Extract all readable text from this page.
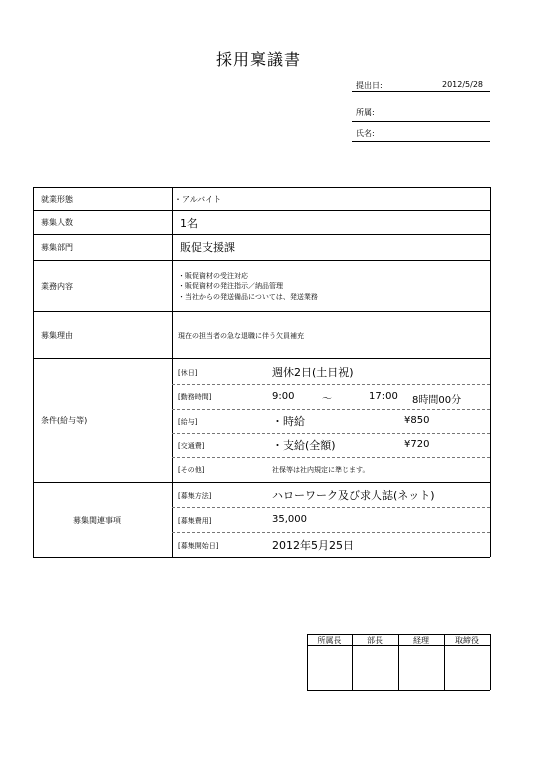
採用稟議書
提出日:	2012/5/28
所属:
氏名:
就業形態	・アルバイト
募集人数	1名
募集部門	販促支援課
業務内容
・販促資材の受注対応
・販促資材の発注指示／納品管理
・当社からの発送備品については、発送業務
募集理由	現在の担当者の急な退職に伴う欠員補充
条件(給与等)
[休日]	週休2日(土日祝)
[勤務時間]	9:00	〜	17:00 8時間00分
[給与]	・時給	¥850
[交通費]	・支給(全額)	¥720
[その他]	社保等は社内規定に準じます。
募集関連事項
[募集方法]	ハローワーク及び求人誌(ネット)
[募集費用]	35,000
[募集開始日]	2012年5月25日
所属長	部長	経理	取締役
